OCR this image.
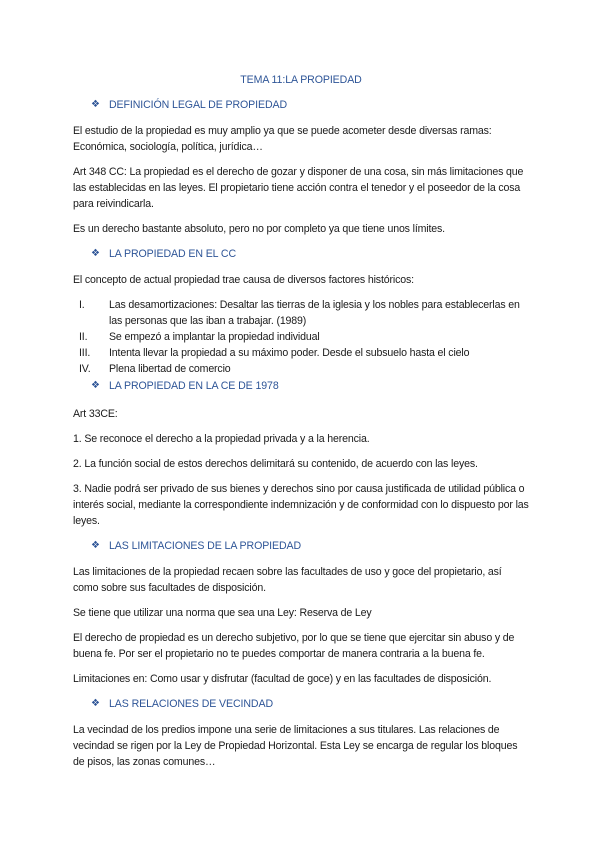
TEMA 11:LA PROPIEDAD
❖ DEFINICIÓN LEGAL DE PROPIEDAD

El estudio de la propiedad es muy amplio ya que se puede acometer desde diversas ramas: Económica, sociología, política, jurídica…

Art 348 CC: La propiedad es el derecho de gozar y disponer de una cosa, sin más limitaciones que las establecidas en las leyes. El propietario tiene acción contra el tenedor y el poseedor de la cosa para reivindicarla.

Es un derecho bastante absoluto, pero no por completo ya que tiene unos límites.

❖ LA PROPIEDAD EN EL CC

El concepto de actual propiedad trae causa de diversos factores históricos:

I.	Las desamortizaciones: Desaltar las tierras de la iglesia y los nobles para establecerlas en las personas que las iban a trabajar. (1989)
II.	Se empezó a implantar la propiedad individual
III.	Intenta llevar la propiedad a su máximo poder. Desde el subsuelo hasta el cielo
IV.	Plena libertad de comercio
❖ LA PROPIEDAD EN LA CE DE 1978

Art 33CE:

1. Se reconoce el derecho a la propiedad privada y a la herencia.

2. La función social de estos derechos delimitará su contenido, de acuerdo con las leyes.

3. Nadie podrá ser privado de sus bienes y derechos sino por causa justificada de utilidad pública o interés social, mediante la correspondiente indemnización y de conformidad con lo dispuesto por las leyes.

❖ LAS LIMITACIONES DE LA PROPIEDAD

Las limitaciones de la propiedad recaen sobre las facultades de uso y goce del propietario, así como sobre sus facultades de disposición.

Se tiene que utilizar una norma que sea una Ley: Reserva de Ley

El derecho de propiedad es un derecho subjetivo, por lo que se tiene que ejercitar sin abuso y de buena fe. Por ser el propietario no te puedes comportar de manera contraria a la buena fe.

Limitaciones en: Como usar y disfrutar (facultad de goce) y en las facultades de disposición.

❖ LAS RELACIONES DE VECINDAD

La vecindad de los predios impone una serie de limitaciones a sus titulares. Las relaciones de vecindad se rigen por la Ley de Propiedad Horizontal. Esta Ley se encarga de regular los bloques de pisos, las zonas comunes…
